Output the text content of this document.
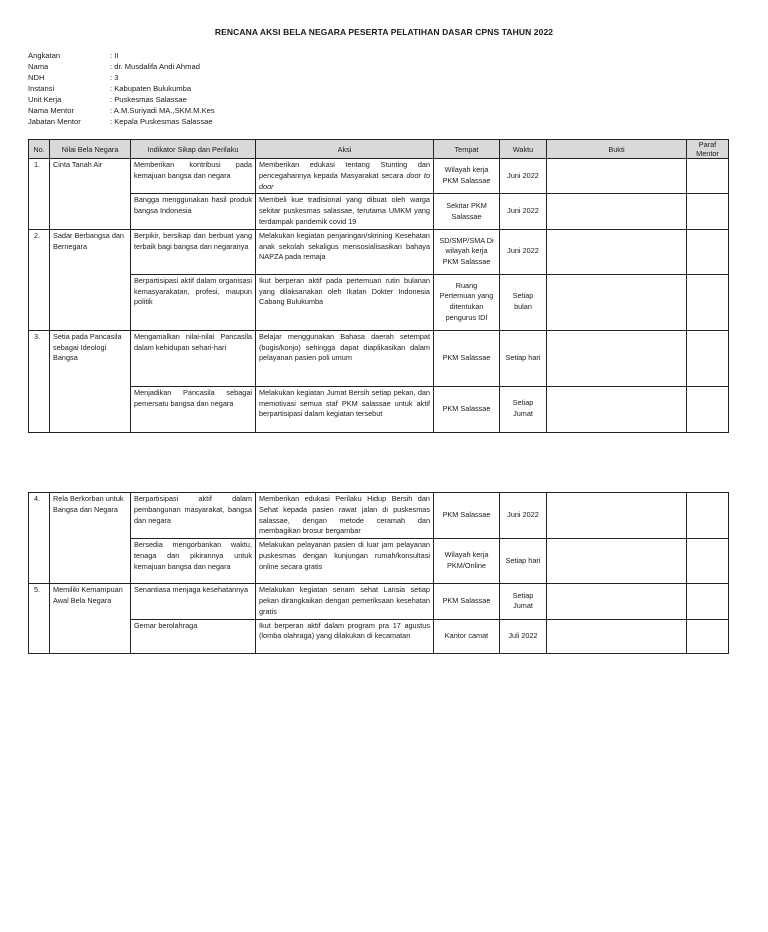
RENCANA AKSI BELA NEGARA PESERTA PELATIHAN DASAR CPNS TAHUN 2022
Angkatan	: II
Nama	: dr. Musdalifa Andi Ahmad
NDH	: 3
Instansi	: Kabupaten Bulukumba
Unit Kerja	: Puskesmas Salassae
Nama Mentor	: A.M.Suriyadi MA.,SKM.M.Kes
Jabatan Mentor	: Kepala Puskesmas Salassae
No.	Nilai Bela Negara	Indikator Sikap dan Perilaku	Aksi	Tempat	Waktu	Bukti	Paraf Mentor
1.	Cinta Tanah Air	Memberikan kontribusi pada kemajuan bangsa dan negara	Memberikan edukasi tentang Stunting dan pencegahannya kepada Masyarakat secara door to door	Wilayah kerja PKM Salassae	Juni 2022		
		Bangga menggunakan hasil produk bangsa Indonesia	Membeli kue tradisional yang dibuat oleh warga sekitar puskesmas salassae, terutama UMKM yang terdampak pandemik covid 19	Sekitar PKM Salassae	Juni 2022		
2.	Sadar Berbangsa dan Bernegara	Berpikir, bersikap dan berbuat yang terbaik bagi bangsa dan negaranya	Melakukan kegiatan penjaringan/skrining Kesehatan anak sekolah sekaligus mensosialisasikan bahaya NAPZA pada remaja	SD/SMP/SMA Di wilayah kerja PKM Salassae	Juni 2022		
		Berpartisipasi aktif dalam organisasi kemasyarakatan, profesi, maupun politik	Ikut berperan aktif pada pertemuan rutin bulanan yang dilaksanakan oleh Ikatan Dokter Indonesia Cabang Bulukumba	Ruang Pertemuan yang ditentukan pengurus IDI	Setiap bulan		
3.	Setia pada Pancasila sebagai Ideologi Bangsa	Mengamalkan nilai-nilai Pancasila dalam kehidupan sehari-hari	Belajar menggunakan Bahasa daerah setempat (bugis/konjo) sehingga dapat diaplikasikan dalam pelayanan pasien poli umum	PKM Salassae	Setiap hari		
		Menjadikan Pancasila sebagai pemersatu bangsa dan negara	Melakukan kegiatan Jumat Bersih setiap pekan, dan memotivasi semua staf PKM salassae untuk aktif berpartisipasi dalam kegiatan tersebut	PKM Salassae	Setiap Jumat		
4.	Rela Berkorban untuk Bangsa dan Negara	Berpartisipasi aktif dalam pembangunan masyarakat, bangsa dan negara	Memberikan edukasi Perilaku Hidup Bersih dan Sehat kepada pasien rawat jalan di puskesmas salassae, dengan metode ceramah dan membagikan brosur bergambar	PKM Salassae	Juni 2022		
		Bersedia mengorbankan waktu, tenaga dan pikirannya untuk kemajuan bangsa dan negara	Melakukan pelayanan pasien di luar jam pelayanan puskesmas dengan kunjungan rumah/konsultasi online secara gratis	Wilayah kerja PKM/Online	Setiap hari		
5.	Memiliki Kemampuan Awal Bela Negara	Senantiasa menjaga kesehatannya	Melakukan kegiatan senam sehat Lansia setiap pekan dirangkaikan dengan pemeriksaan kesehatan gratis	PKM Salassae	Setiap Jumat		
		Gemar berolahraga	Ikut berperan aktif dalam program pra 17 agustus (lomba olahraga) yang dilakukan di kecamatan	Kantor camat	Juli 2022		
